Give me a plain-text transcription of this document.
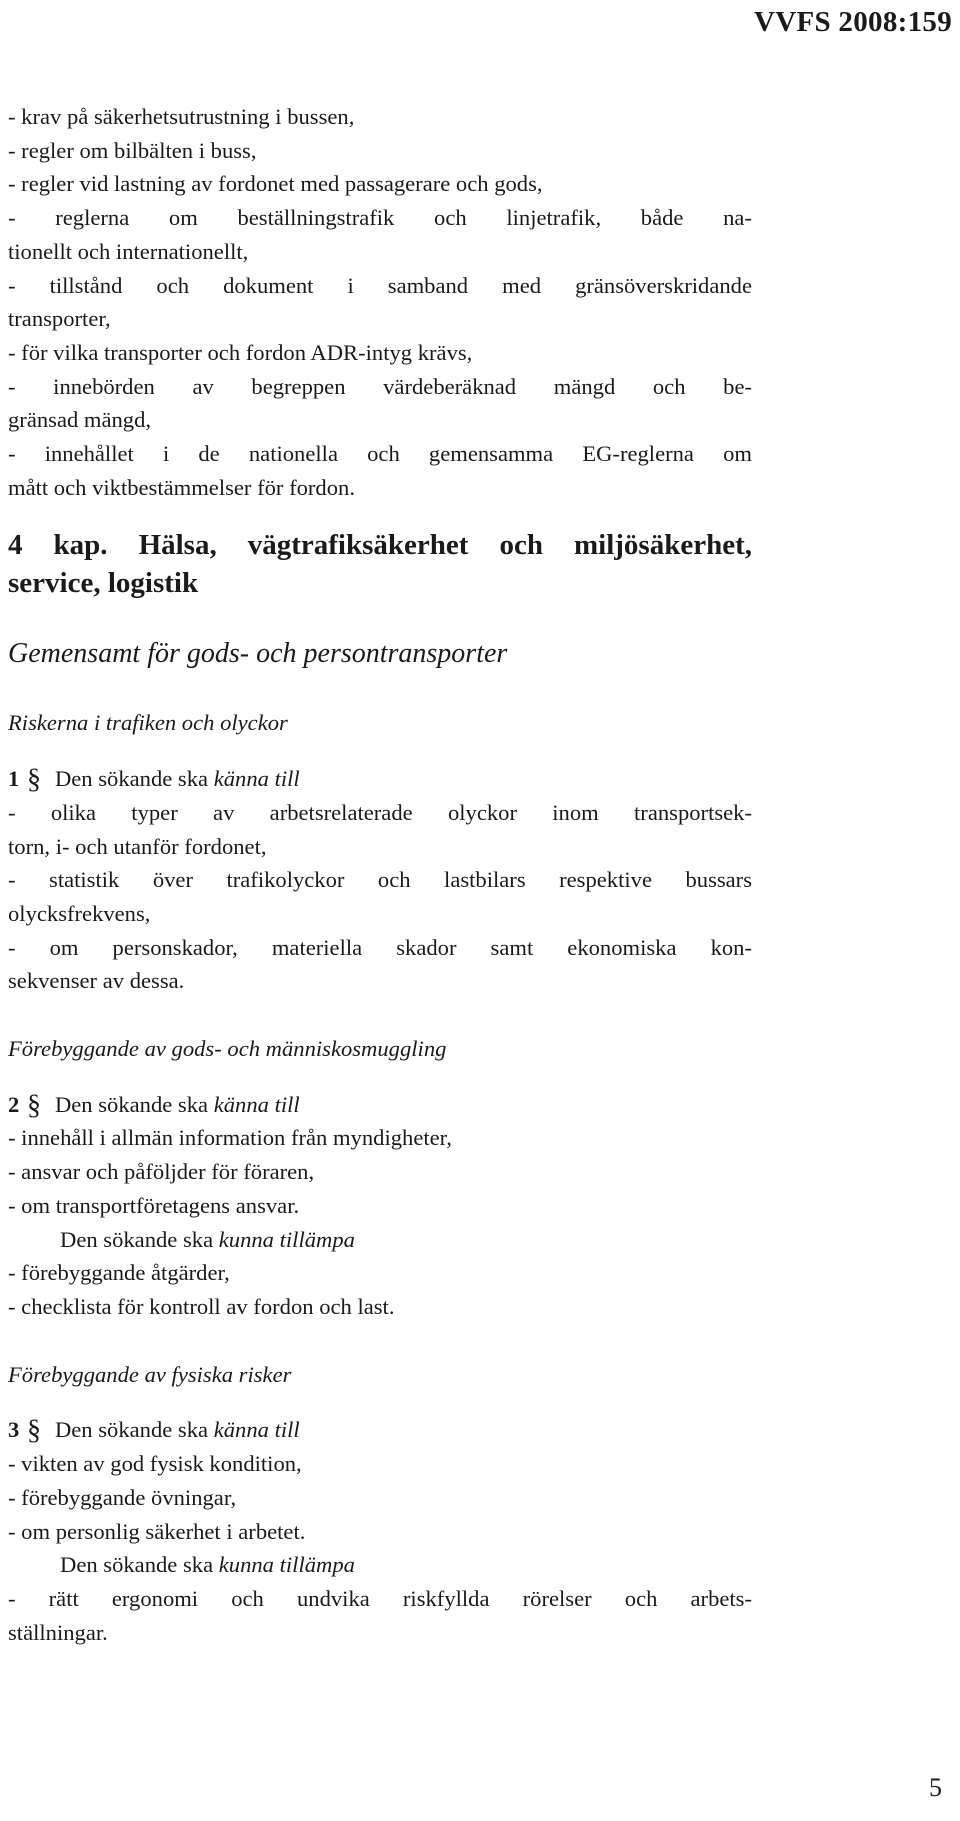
VVFS 2008:159
- krav på säkerhetsutrustning i bussen,
- regler om bilbälten i buss,
- regler vid lastning av fordonet med passagerare och gods,
- reglerna om beställningstrafik och linjetrafik, både na-
tionellt och internationellt,
- tillstånd och dokument i samband med gränsöverskridande
transporter,
- för vilka transporter och fordon ADR-intyg krävs,
- innebörden av begreppen värdeberäknad mängd och be-
gränsad mängd,
- innehållet i de nationella och gemensamma EG-reglerna om
mått och viktbestämmelser för fordon.
4 kap. Hälsa, vägtrafiksäkerhet och miljösäkerhet,
service, logistik
Gemensamt för gods- och persontransporter
Riskerna i trafiken och olyckor
1 § Den sökande ska känna till
- olika typer av arbetsrelaterade olyckor inom transportsek-
torn, i- och utanför fordonet,
- statistik över trafikolyckor och lastbilars respektive bussars
olycksfrekvens,
- om personskador, materiella skador samt ekonomiska kon-
sekvenser av dessa.
Förebyggande av gods- och människosmuggling
2 § Den sökande ska känna till
- innehåll i allmän information från myndigheter,
- ansvar och påföljder för föraren,
- om transportföretagens ansvar.
Den sökande ska kunna tillämpa
- förebyggande åtgärder,
- checklista för kontroll av fordon och last.
Förebyggande av fysiska risker
3 § Den sökande ska känna till
- vikten av god fysisk kondition,
- förebyggande övningar,
- om personlig säkerhet i arbetet.
Den sökande ska kunna tillämpa
- rätt ergonomi och undvika riskfyllda rörelser och arbets-
ställningar.
5
